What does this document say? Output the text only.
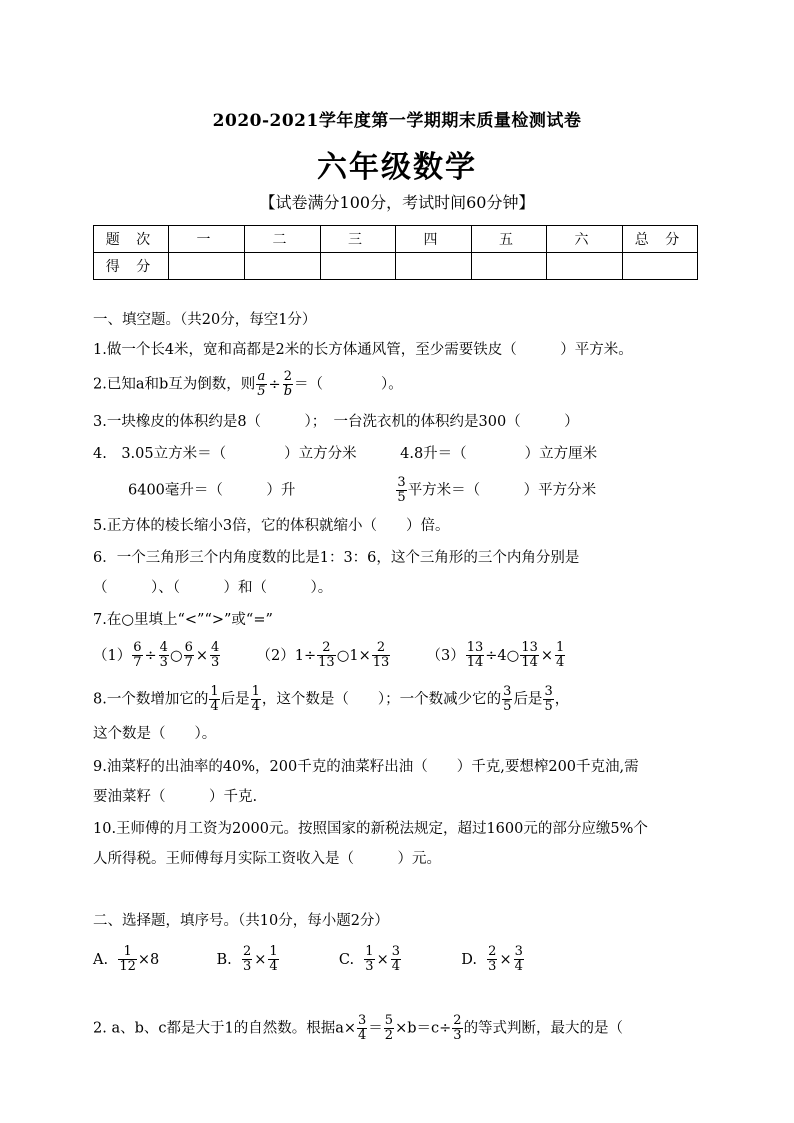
2020-2021学年度第一学期期末质量检测试卷
六年级数学
【试卷满分100分，考试时间60分钟】
题 次	一	二	三	四	五	六	总 分
得 分							
一、填空题。（共20分，每空1分）
1.做一个长4米，宽和高都是2米的长方体通风管，至少需要铁皮（　　　）平方米。
2.已知a和b互为倒数，则 $\frac{a}{5} \div \frac{2}{b}$ ＝（　　　　）。
3.一块橡皮的体积约是8（　　　）；　一台洗衣机的体积约是300（　　　）
4.　3.05立方米＝（　　　　）立方分米　　　4.8升＝（　　　　）立方厘米
6400毫升＝（　　　）升	$\frac{3}{5}$ 平方米＝（　　　）平方分米
5.正方体的棱长缩小3倍，它的体积就缩小（　　）倍。
6．一个三角形三个内角度数的比是1：3：6，这个三角形的三个内角分别是
（　　　）、（　　　）和（　　　）。
7.在○里填上“<”“>”或“=”
$(1) \frac{6}{7} \div \frac{4}{3}$ ○ $\frac{6}{7} \times \frac{4}{3} (2)1\div \frac{2}{13}$ ○1× $\frac{2}{13} (3) \frac{13}{14}$ ÷4○ $\frac{13}{14} \times \frac{1}{4}$
8.一个数增加它的 $\frac{1}{4}$ 后是 $\frac{1}{4}$ ，这个数是（　　）；一个数减少它的 $\frac{3}{5}$ 后是 $\frac{3}{5}$ ，
这个数是（　　）。
9.油菜籽的出油率的40%，200千克的油菜籽出油（　　）千克,要想榨200千克油,需
要油菜籽（　　　）千克.
10.王师傅的月工资为2000元。按照国家的新税法规定，超过1600元的部分应缴5%个
人所得税。王师傅每月实际工资收入是（　　　）元。
二、选择题，填序号。（共10分，每小题2分）
A. $\frac{1}{12} \times 8$	B. $\frac{2}{3} \times \frac{1}{4}$	C. $\frac{1}{3} \times \frac{3}{4}$	D. $\frac{2}{3} \times \frac{3}{4}$
2. a、b、c都是大于1的自然数。根据$a\times \frac{3}{4} = \frac{5}{2} \times b=c\div \frac{2}{3}$ 的等式判断，最大的是（
